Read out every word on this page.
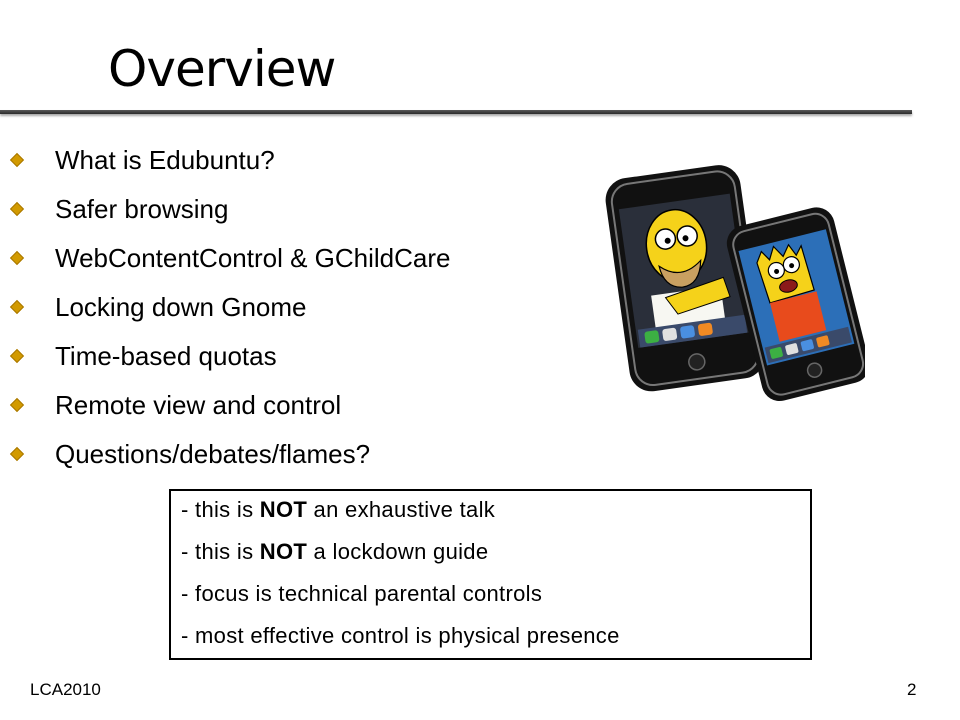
Overview
What is Edubuntu?
Safer browsing
WebContentControl & GChildCare
Locking down Gnome
Time-based quotas
Remote view and control
Questions/debates/flames?
- this is NOT an exhaustive talk
- this is NOT a lockdown guide
- focus is technical parental controls
- most effective control is physical presence
LCA2010	2
